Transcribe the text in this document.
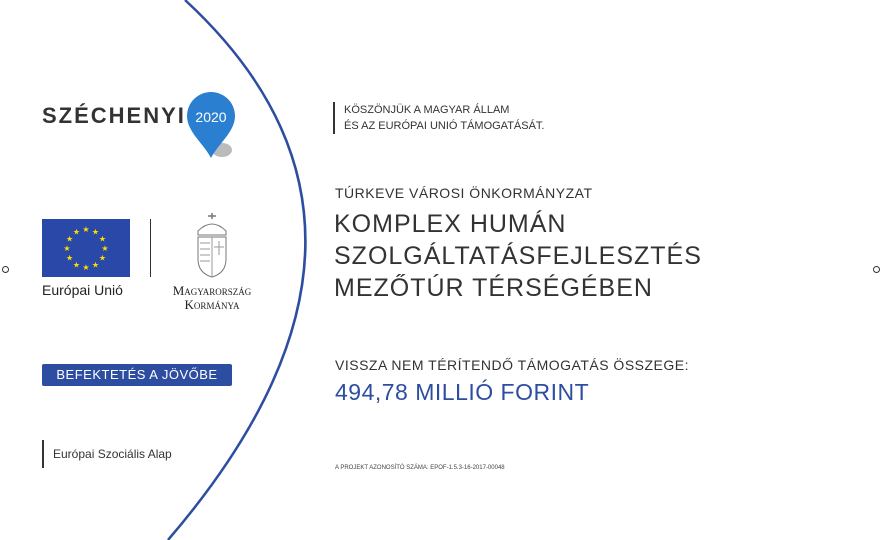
SZÉCHENYI 2020	KÖSZÖNJÜK A MAGYAR ÁLLAM
ÉS AZ EURÓPAI UNIÓ TÁMOGATÁSÁT.
TÚRKEVE VÁROSI ÖNKORMÁNYZAT
KOMPLEX HUMÁN
SZOLGÁLTATÁSFEJLESZTÉS
MEZŐTÚR TÉRSÉGÉBEN
VISSZA NEM TÉRÍTENDŐ TÁMOGATÁS ÖSSZEGE:
494,78 MILLIÓ FORINT
A PROJEKT AZONOSÍTÓ SZÁMA: EPOF-1.5.3-16-2017-00048
★ ★
★
★
★
★
★
★
★
★
★
★
Európai Unió	Magyarország
Kormánya
BEFEKTETÉS A JÖVŐBE
Európai Szociális Alap
